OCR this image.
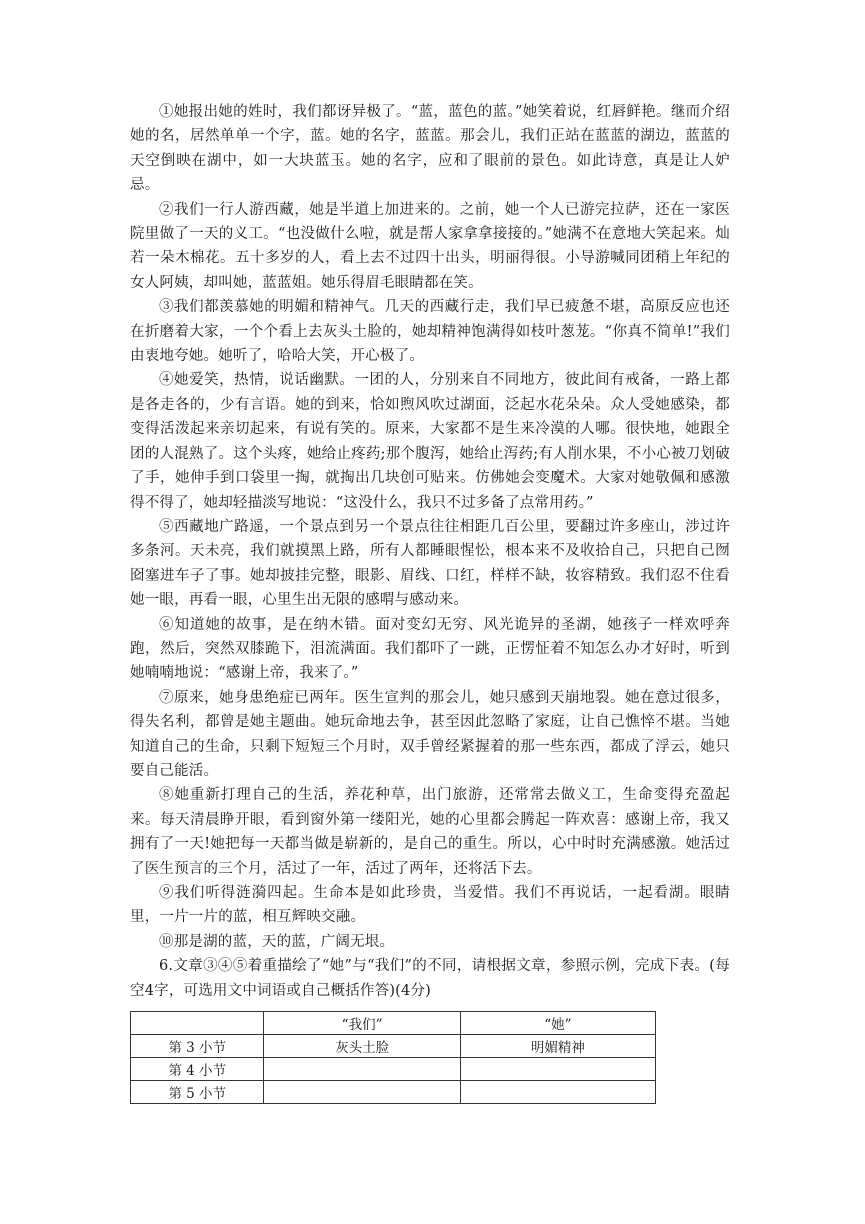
①她报出她的姓时，我们都讶异极了。“蓝，蓝色的蓝。”她笑着说，红唇鲜艳。继而介绍她的名，居然单单一个字，蓝。她的名字，蓝蓝。那会儿，我们正站在蓝蓝的湖边，蓝蓝的天空倒映在湖中，如一大块蓝玉。她的名字，应和了眼前的景色。如此诗意，真是让人妒忌。

②我们一行人游西藏，她是半道上加进来的。之前，她一个人已游完拉萨，还在一家医院里做了一天的义工。“也没做什么啦，就是帮人家拿拿接接的。”她满不在意地大笑起来。灿若一朵木棉花。五十多岁的人，看上去不过四十出头，明丽得很。小导游喊同团稍上年纪的女人阿姨，却叫她，蓝蓝姐。她乐得眉毛眼睛都在笑。

③我们都羡慕她的明媚和精神气。几天的西藏行走，我们早已疲惫不堪，高原反应也还在折磨着大家，一个个看上去灰头土脸的，她却精神饱满得如枝叶葱茏。“你真不简单!”我们由衷地夸她。她听了，哈哈大笑，开心极了。

④她爱笑，热情，说话幽默。一团的人，分别来自不同地方，彼此间有戒备，一路上都是各走各的，少有言语。她的到来，恰如煦风吹过湖面，泛起水花朵朵。众人受她感染，都变得活泼起来亲切起来，有说有笑的。原来，大家都不是生来冷漠的人哪。很快地，她跟全团的人混熟了。这个头疼，她给止疼药;那个腹泻，她给止泻药;有人削水果，不小心被刀划破了手，她伸手到口袋里一掏，就掏出几块创可贴来。仿佛她会变魔术。大家对她敬佩和感激得不得了，她却轻描淡写地说：“这没什么，我只不过多备了点常用药。”

⑤西藏地广路遥，一个景点到另一个景点往往相距几百公里，要翻过许多座山，涉过许多条河。天未亮，我们就摸黑上路，所有人都睡眼惺忪，根本来不及收拾自己，只把自己囫囵塞进车子了事。她却披挂完整，眼影、眉线、口红，样样不缺，妆容精致。我们忍不住看她一眼，再看一眼，心里生出无限的感喟与感动来。

⑥知道她的故事，是在纳木错。面对变幻无穷、风光诡异的圣湖，她孩子一样欢呼奔跑，然后，突然双膝跪下，泪流满面。我们都吓了一跳，正愣怔着不知怎么办才好时，听到她喃喃地说：“感谢上帝，我来了。”

⑦原来，她身患绝症已两年。医生宣判的那会儿，她只感到天崩地裂。她在意过很多，得失名利，都曾是她主题曲。她玩命地去争，甚至因此忽略了家庭，让自己憔悴不堪。当她知道自己的生命，只剩下短短三个月时，双手曾经紧握着的那一些东西，都成了浮云，她只要自己能活。

⑧她重新打理自己的生活，养花种草，出门旅游，还常常去做义工，生命变得充盈起来。每天清晨睁开眼，看到窗外第一缕阳光，她的心里都会腾起一阵欢喜：感谢上帝，我又拥有了一天!她把每一天都当做是崭新的，是自己的重生。所以，心中时时充满感激。她活过了医生预言的三个月，活过了一年，活过了两年，还将活下去。

⑨我们听得涟漪四起。生命本是如此珍贵，当爱惜。我们不再说话，一起看湖。眼睛里，一片一片的蓝，相互辉映交融。

⑩那是湖的蓝，天的蓝，广阔无垠。

6.文章③④⑤着重描绘了“她”与“我们”的不同，请根据文章，参照示例，完成下表。(每空4字，可选用文中词语或自己概括作答)(4分)

	“我们”	“她”
第 3 小节	灰头土脸	明媚精神
第 4 小节		
第 5 小节		
